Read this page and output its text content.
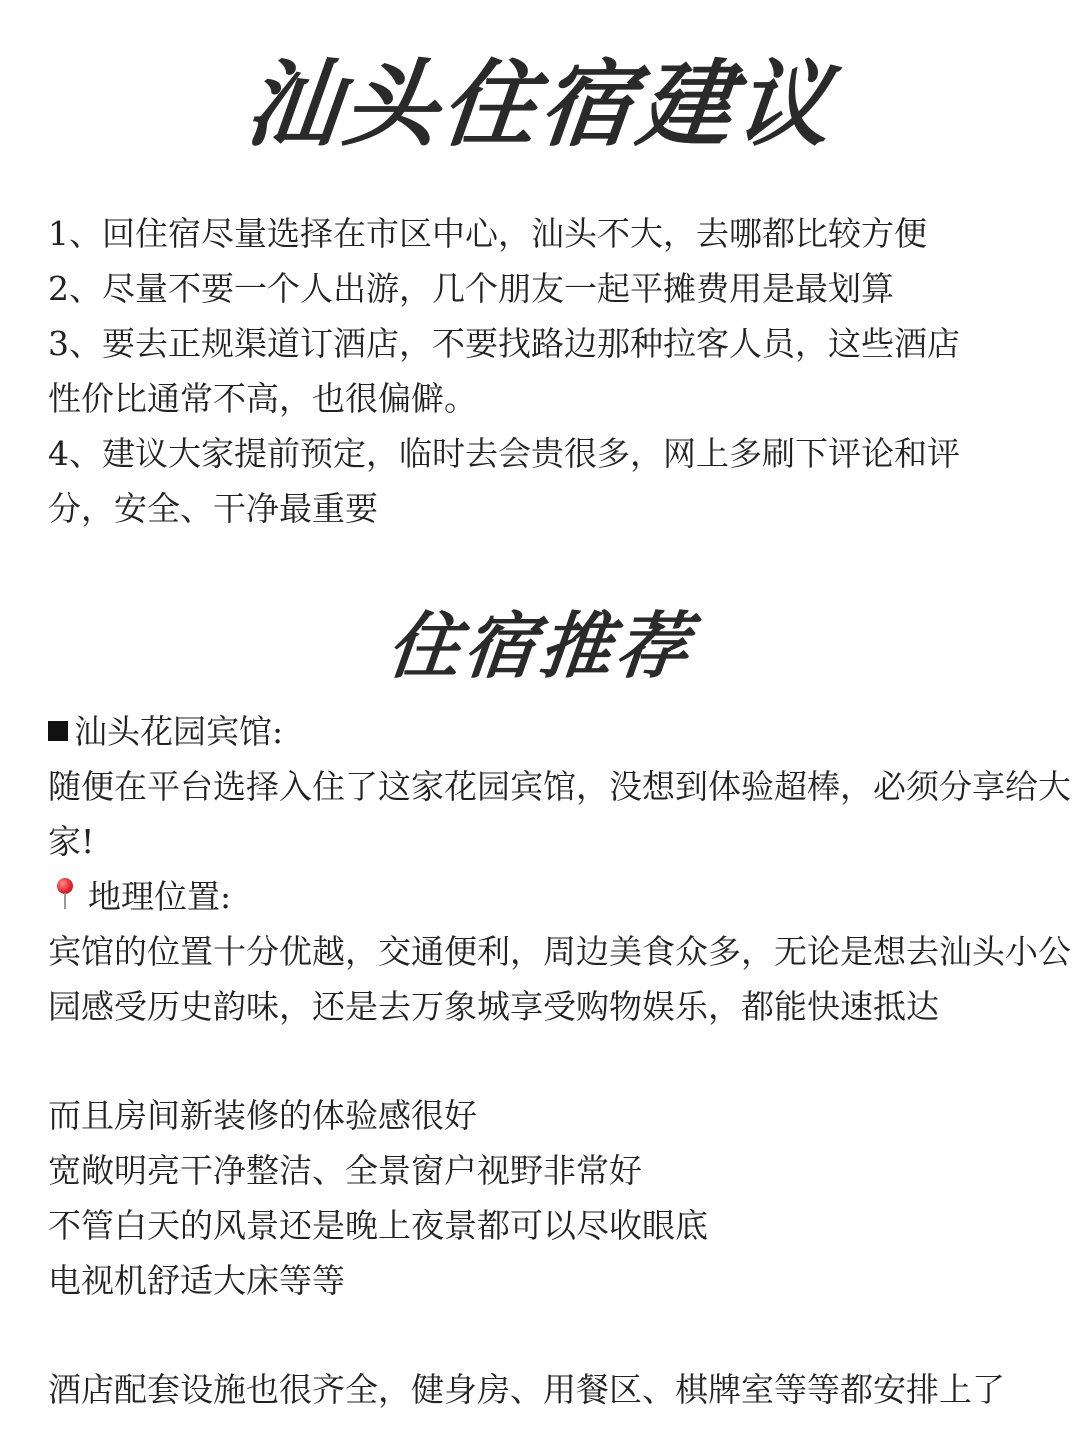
汕头住宿建议

1、回住宿尽量选择在市区中心，汕头不大，去哪都比较方便

2、尽量不要一个人出游，几个朋友一起平摊费用是最划算

3、要去正规渠道订酒店，不要找路边那种拉客人员，这些酒店

性价比通常不高，也很偏僻。

4、建议大家提前预定，临时去会贵很多，网上多刷下评论和评

分，安全、干净最重要

住宿推荐

汕头花园宾馆:

随便在平台选择入住了这家花园宾馆，没想到体验超棒，必须分享给大

家!

地理位置:

宾馆的位置十分优越，交通便利，周边美食众多，无论是想去汕头小公

园感受历史韵味，还是去万象城享受购物娱乐，都能快速抵达

而且房间新装修的体验感很好

宽敞明亮干净整洁、全景窗户视野非常好

不管白天的风景还是晚上夜景都可以尽收眼底

电视机舒适大床等等

酒店配套设施也很齐全，健身房、用餐区、棋牌室等等都安排上了
